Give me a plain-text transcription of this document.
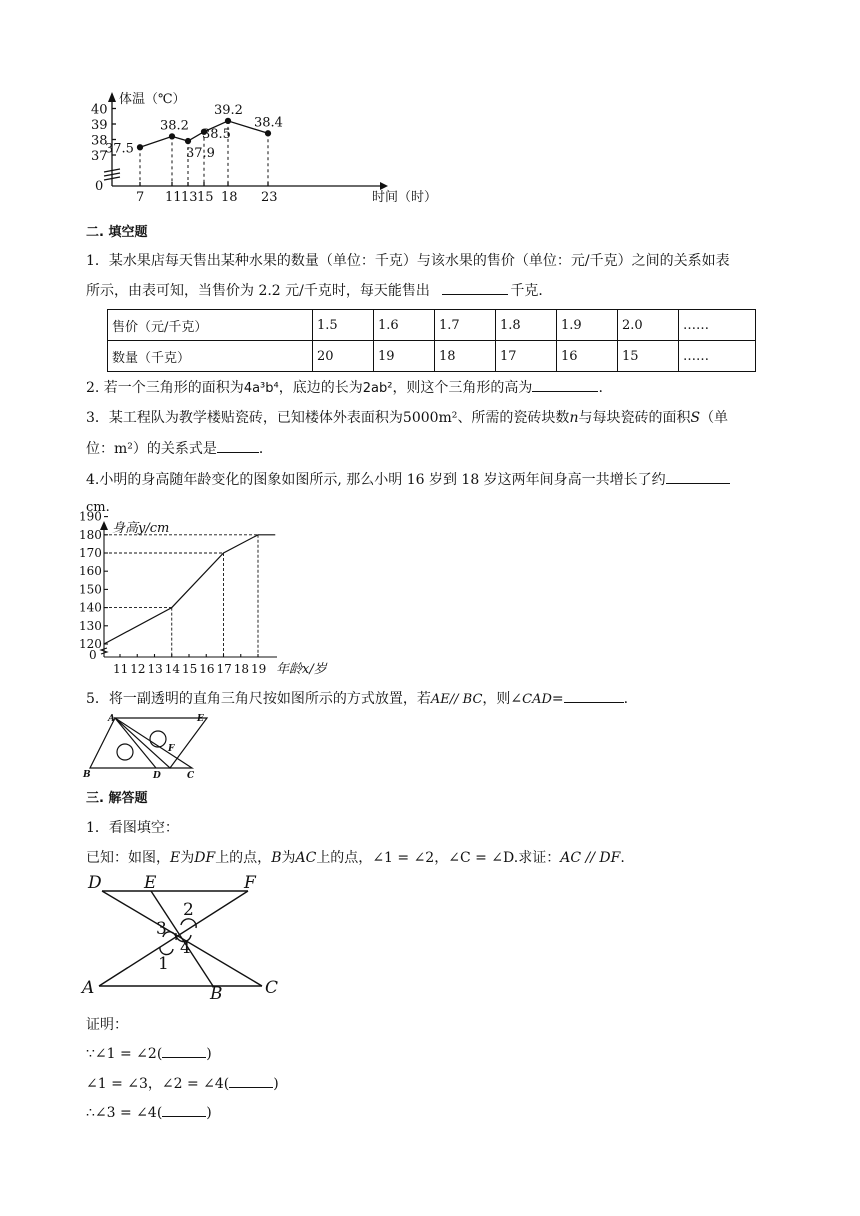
40
39
38
37
0
7 11 13 15 18 23
37.5
38.2
37.9
38.5
39.2
38.4
体温（℃）
时间（时）
二. 填空题
1．某水果店每天售出某种水果的数量（单位：千克）与该水果的售价（单位：元/千克）之间的关系如表
所示，由表可知，当售价为 2.2 元/千克时，每天能售出	千克．
售价（元/千克）	1.5	1.6	1.7	1.8	1.9	2.0	……
数量（千克）	20	19	18	17	16	15	……
2. 若一个三角形的面积为4a³b⁴，底边的长为2ab²，则这个三角形的高为	.
3．某工程队为教学楼贴瓷砖，已知楼体外表面积为5000m²、所需的瓷砖块数n与每块瓷砖的面积S（单
位：m²）的关系式是	．
4.小明的身高随年龄变化的图象如图所示, 那么小明 16 岁到 18 岁这两年间身高一共增长了约
cm.
190
180
170
160
150
140
130
120
0
11 12 13 14 15 16 17 18 19
身高y/cm
年龄x/岁
5．将一副透明的直角三角尺按如图所示的方式放置，若AE// BC，则∠CAD=	.
A	E
F
B	D	C
三. 解答题
1．看图填空：
已知：如图，E为DF上的点，B为AC上的点，∠1 = ∠2，∠C = ∠D.求证：AC // DF.
D E	F
2
3
4
1
A	B	C
证明：
∵∠1 = ∠2(	)
∠1 = ∠3，∠2 = ∠4(	)
∴∠3 = ∠4(	)
